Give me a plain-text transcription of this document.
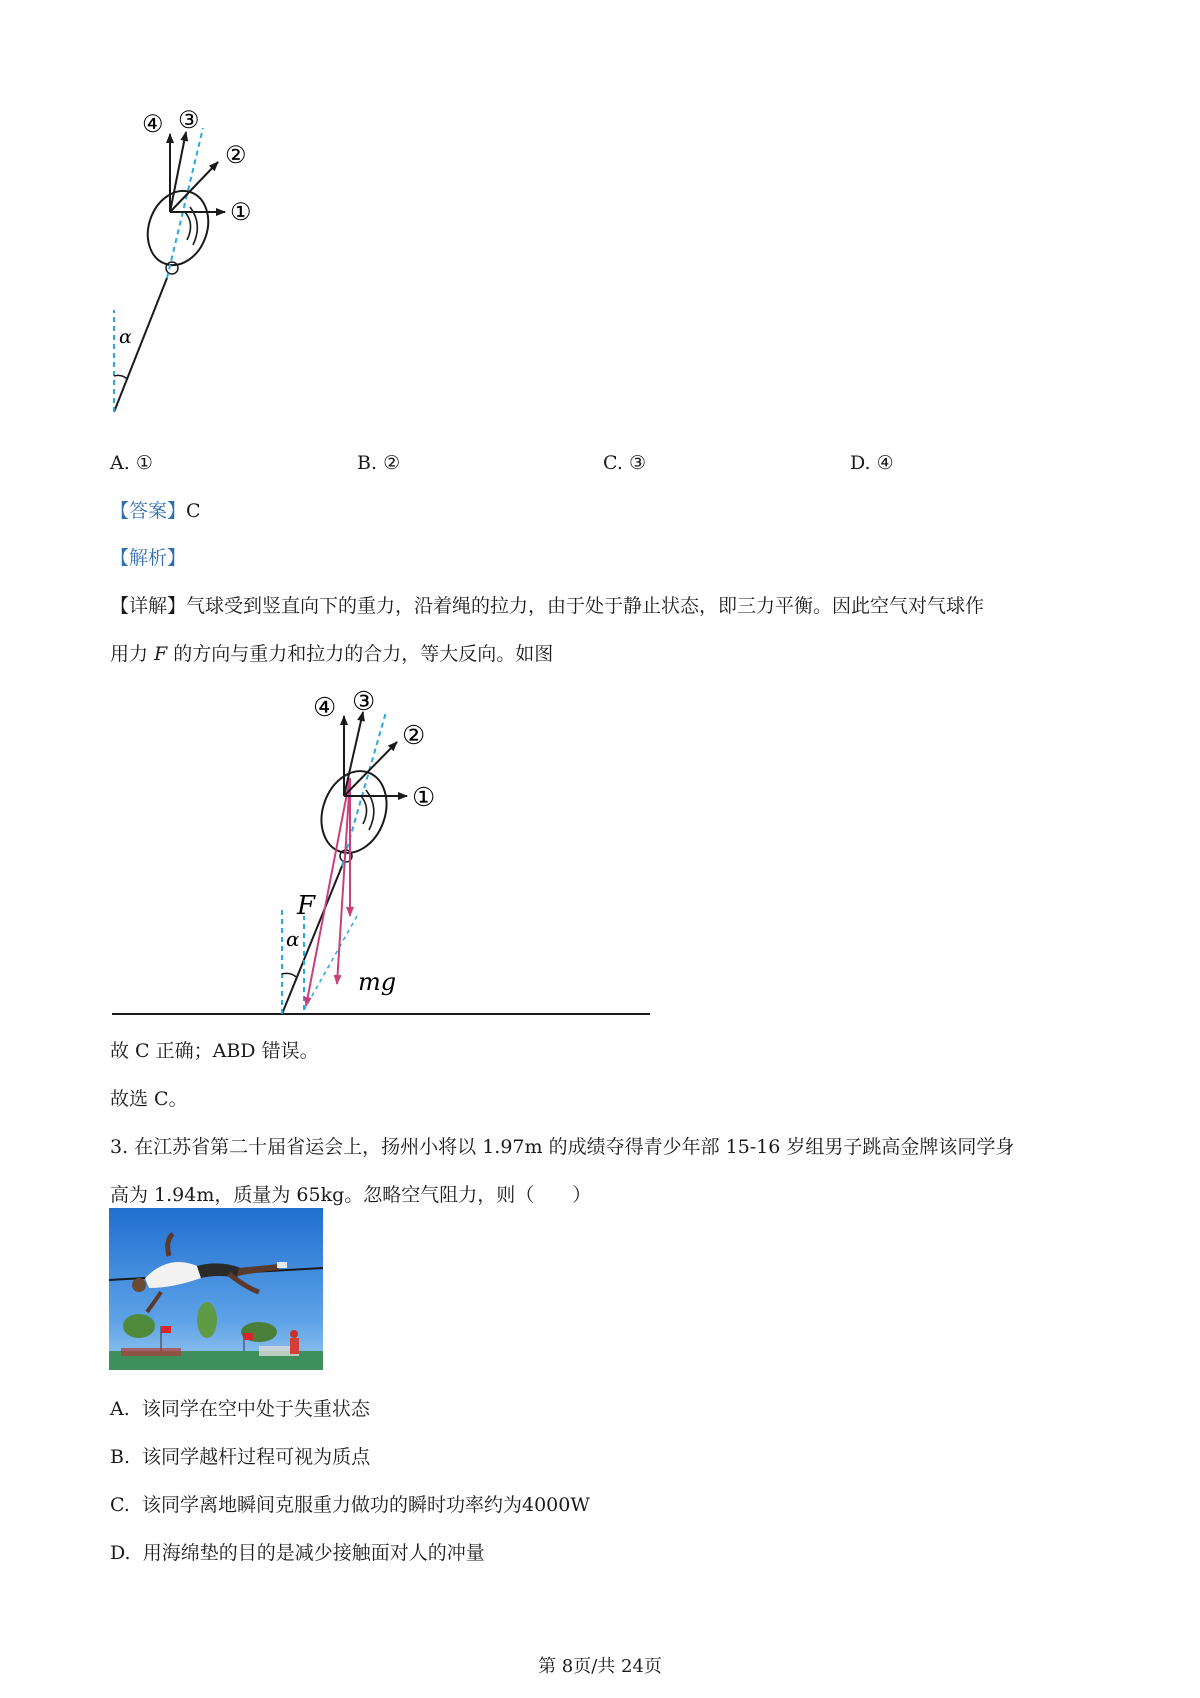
α
①
②
③
④
A. ①	B. ②	C. ③	D. ④
【答案】C
【解析】
【详解】气球受到竖直向下的重力，沿着绳的拉力，由于处于静止状态，即三力平衡。因此空气对气球作
用力 F 的方向与重力和拉力的合力，等大反向。如图
α
F
①
②
③
④
mg
故 C 正确；ABD 错误。
故选 C。
3. 在江苏省第二十届省运会上，扬州小将以 1.97m 的成绩夺得青少年部 15-16 岁组男子跳高金牌该同学身
高为 1.94m，质量为 65kg。忽略空气阻力，则（　　）
A. 该同学在空中处于失重状态
B. 该同学越杆过程可视为质点
C. 该同学离地瞬间克服重力做功的瞬时功率约为4000W
D. 用海绵垫的目的是减少接触面对人的冲量
第 8页/共 24页
